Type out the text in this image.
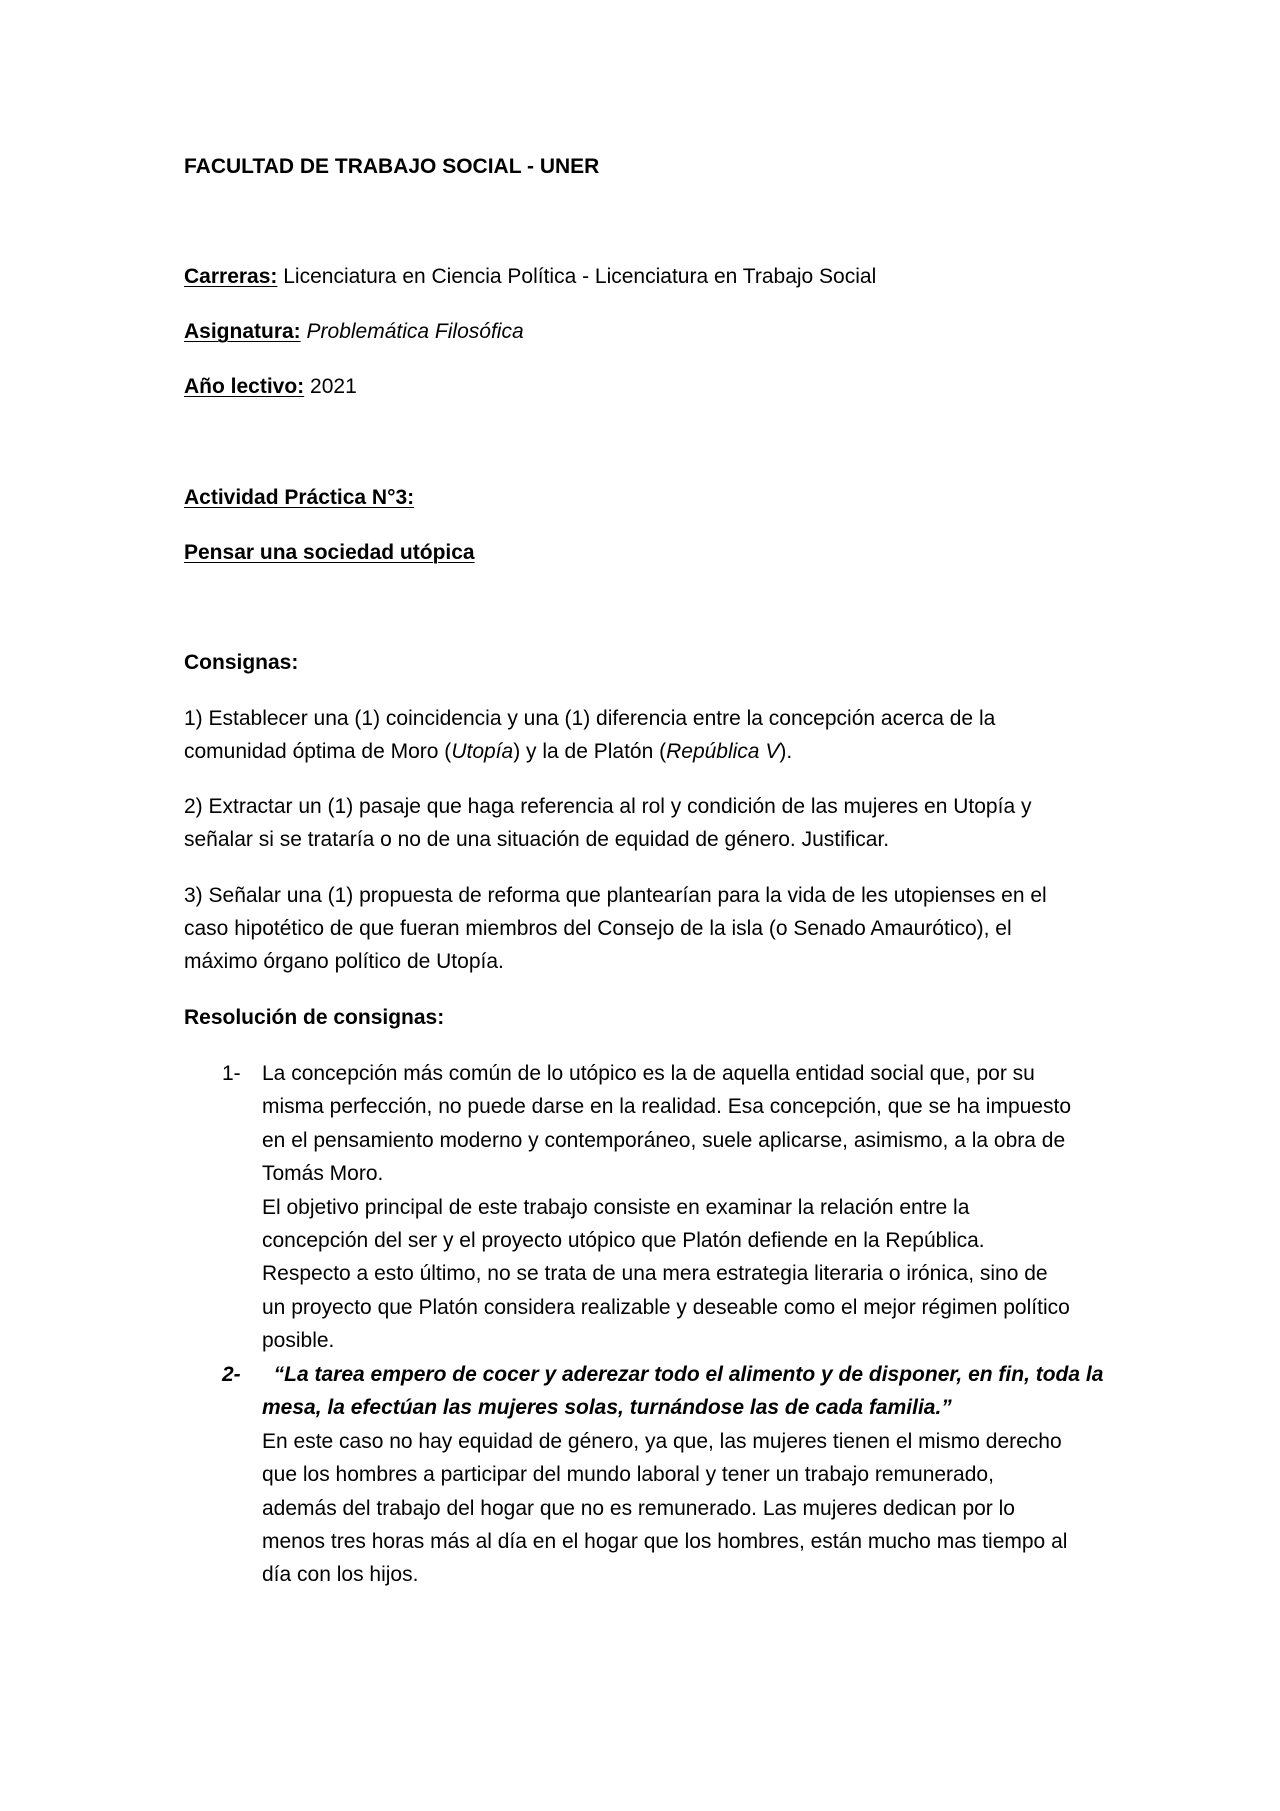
FACULTAD DE TRABAJO SOCIAL - UNER

Carreras: Licenciatura en Ciencia Política - Licenciatura en Trabajo Social

Asignatura: Problemática Filosófica

Año lectivo: 2021

Actividad Práctica N°3:

Pensar una sociedad utópica

Consignas:

1) Establecer una (1) coincidencia y una (1) diferencia entre la concepción acerca de la
comunidad óptima de Moro (Utopía) y la de Platón (República V).
2) Extractar un (1) pasaje que haga referencia al rol y condición de las mujeres en Utopía y
señalar si se trataría o no de una situación de equidad de género. Justificar.
3) Señalar una (1) propuesta de reforma que plantearían para la vida de les utopienses en el
caso hipotético de que fueran miembros del Consejo de la isla (o Senado Amaurótico), el
máximo órgano político de Utopía.

Resolución de consignas:

1- La concepción más común de lo utópico es la de aquella entidad social que, por su
misma perfección, no puede darse en la realidad. Esa concepción, que se ha impuesto
en el pensamiento moderno y contemporáneo, suele aplicarse, asimismo, a la obra de
Tomás Moro.
El objetivo principal de este trabajo consiste en examinar la relación entre la
concepción del ser y el proyecto utópico que Platón defiende en la República.
Respecto a esto último, no se trata de una mera estrategia literaria o irónica, sino de
un proyecto que Platón considera realizable y deseable como el mejor régimen político
posible.

2- “La tarea empero de cocer y aderezar todo el alimento y de disponer, en fin, toda la
mesa, la efectúan las mujeres solas, turnándose las de cada familia.”
En este caso no hay equidad de género, ya que, las mujeres tienen el mismo derecho
que los hombres a participar del mundo laboral y tener un trabajo remunerado,
además del trabajo del hogar que no es remunerado. Las mujeres dedican por lo
menos tres horas más al día en el hogar que los hombres, están mucho mas tiempo al
día con los hijos.
